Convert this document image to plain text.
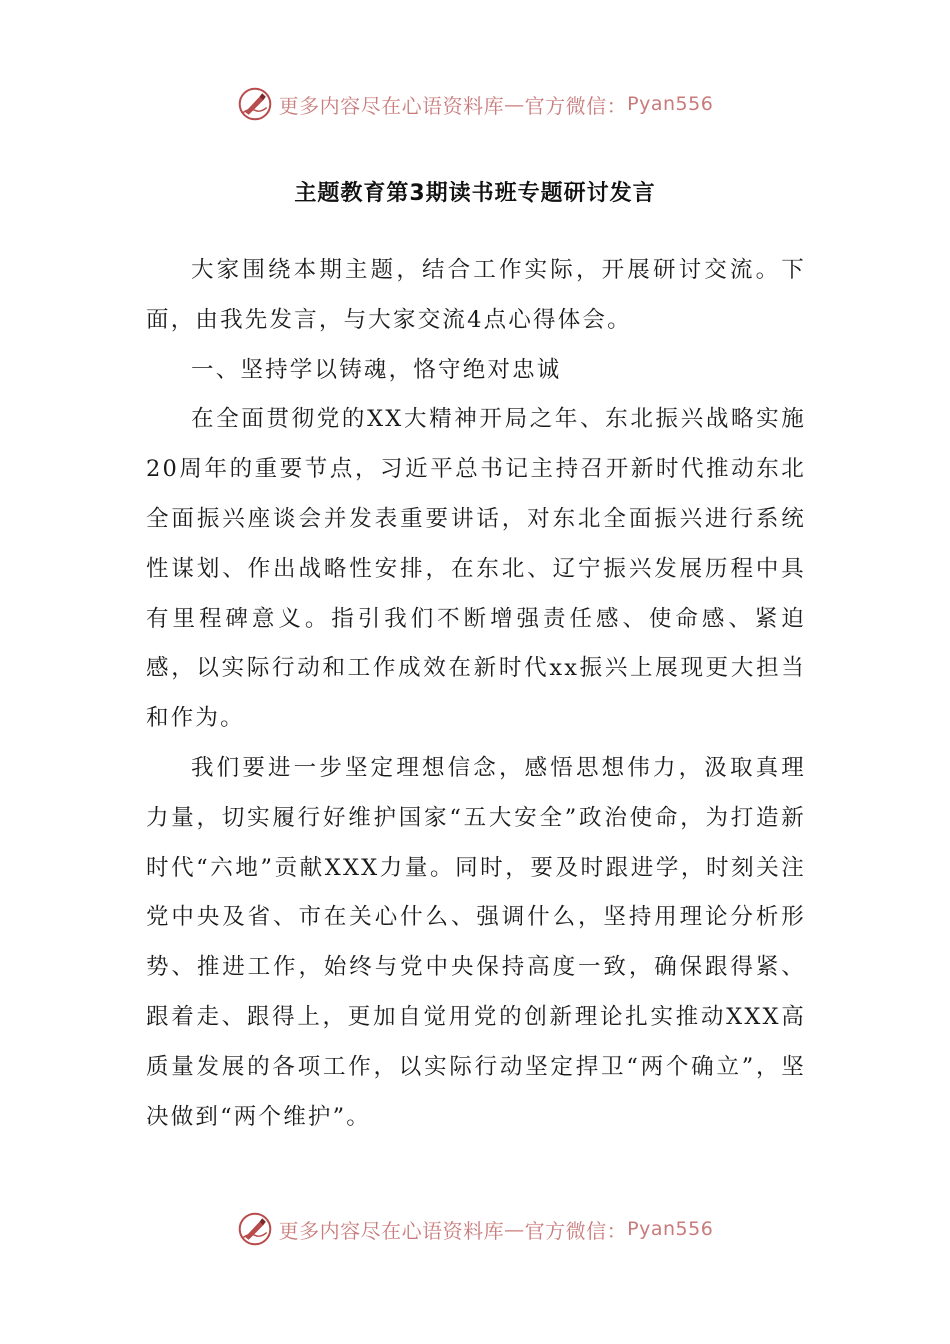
更多内容尽在心语资料库 — 官方微信： Pyan556
主题教育第3期读书班专题研讨发言

大家围绕本期主题，结合工作实际，开展研讨交流。下面，由我先发言，与大家交流4点心得体会。

一、坚持学以铸魂，恪守绝对忠诚

在全面贯彻党的XX大精神开局之年、东北振兴战略实施20周年的重要节点，习近平总书记主持召开新时代推动东北全面振兴座谈会并发表重要讲话，对东北全面振兴进行系统性谋划、作出战略性安排，在东北、辽宁振兴发展历程中具有里程碑意义。指引我们不断增强责任感、使命感、紧迫感，以实际行动和工作成效在新时代xx振兴上展现更大担当和作为。

我们要进一步坚定理想信念，感悟思想伟力，汲取真理力量，切实履行好维护国家“五大安全”政治使命，为打造新时代“六地”贡献XXX力量。同时，要及时跟进学，时刻关注党中央及省、市在关心什么、强调什么，坚持用理论分析形势、推进工作，始终与党中央保持高度一致，确保跟得紧、跟着走、跟得上，更加自觉用党的创新理论扎实推动XXX高质量发展的各项工作，以实际行动坚定捍卫“两个确立”，坚决做到“两个维护”。

更多内容尽在心语资料库 — 官方微信： Pyan556
